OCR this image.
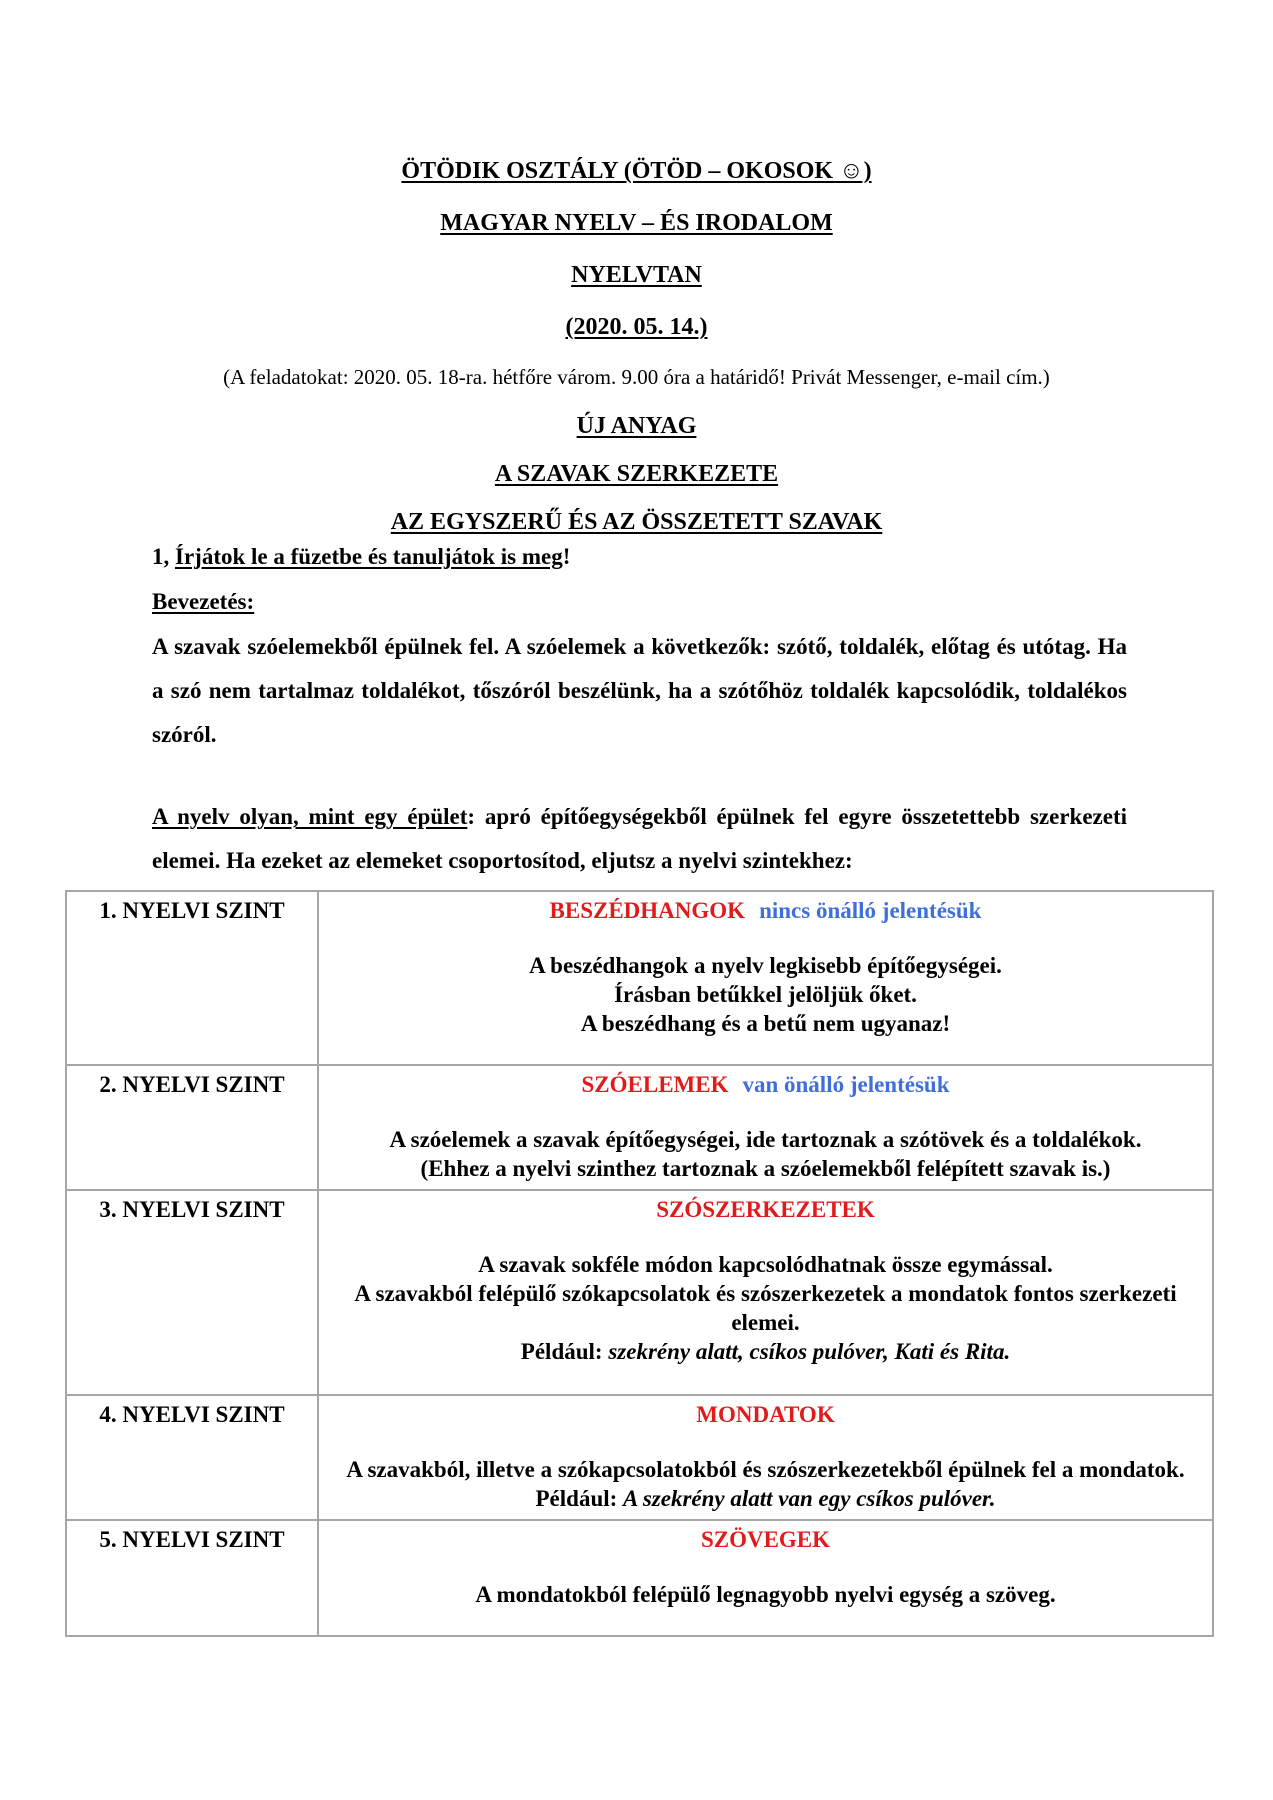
ÖTÖDIK OSZTÁLY (ÖTÖD – OKOSOK ☺)
MAGYAR NYELV – ÉS IRODALOM
NYELVTAN
(2020. 05. 14.)
(A feladatokat: 2020. 05. 18-ra. hétfőre várom. 9.00 óra a határidő! Privát Messenger, e-mail cím.)
ÚJ ANYAG
A SZAVAK SZERKEZETE
AZ EGYSZERŰ ÉS AZ ÖSSZETETT SZAVAK
1, Írjátok le a füzetbe és tanuljátok is meg!
Bevezetés:
A szavak szóelemekből épülnek fel. A szóelemek a következők: szótő, toldalék, előtag és utótag. Ha a szó nem tartalmaz toldalékot, tőszóról beszélünk, ha a szótőhöz toldalék kapcsolódik, toldalékos szóról.
A nyelv olyan, mint egy épület: apró építőegységekből épülnek fel egyre összetettebb szerkezeti elemei. Ha ezeket az elemeket csoportosítod, eljutsz a nyelvi szintekhez:
1. NYELVI SZINT	BESZÉDHANGOK nincs önálló jelentésük
A beszédhangok a nyelv legkisebb építőegységei.
Írásban betűkkel jelöljük őket.
A beszédhang és a betű nem ugyanaz!

2. NYELVI SZINT	SZÓELEMEK van önálló jelentésük
A szóelemek a szavak építőegységei, ide tartoznak a szótövek és a toldalékok.
(Ehhez a nyelvi szinthez tartoznak a szóelemekből felépített szavak is.)

3. NYELVI SZINT	SZÓSZERKEZETEK
A szavak sokféle módon kapcsolódhatnak össze egymással.
A szavakból felépülő szókapcsolatok és szószerkezetek a mondatok fontos szerkezeti elemei.
Például: szekrény alatt, csíkos pulóver, Kati és Rita.

4. NYELVI SZINT	MONDATOK
A szavakból, illetve a szókapcsolatokból és szószerkezetekből épülnek fel a mondatok.
Például: A szekrény alatt van egy csíkos pulóver.

5. NYELVI SZINT	SZÖVEGEK
A mondatokból felépülő legnagyobb nyelvi egység a szöveg.
